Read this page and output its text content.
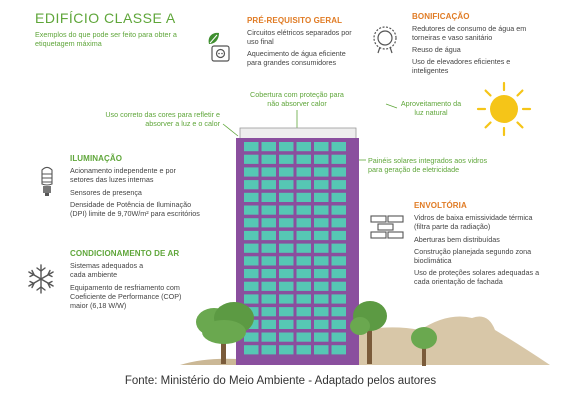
EDIFÍCIO CLASSE A

Exemplos do que pode ser feito para obter a etiquetagem máxima

PRÉ-REQUISITO GERAL

Circuitos elétricos separados por uso final

Aquecimento de água eficiente para grandes consumidores

BONIFICAÇÃO

Redutores de consumo de água em torneiras e vaso sanitário

Reuso de água

Uso de elevadores eficientes e inteligentes

Uso correto das cores para refletir e absorver a luz e o calor

Cobertura com proteção para não absorver calor	Aproveitamento da luz natural

Painéis solares integrados aos vidros para geração de eletricidade

ILUMINAÇÃO

Acionamento independente e por setores das luzes internas

Sensores de presença

Densidade de Potência de Iluminação (DPI) limite de 9,70W/m² para escritórios

CONDICIONAMENTO DE AR

Sistemas adequados a cada ambiente

Equipamento de resfriamento com Coeficiente de Performance (COP) maior (6,18 W/W)

ENVOLTÓRIA

Vidros de baixa emissividade térmica (filtra parte da radiação)

Aberturas bem distribuídas

Construção planejada segundo zona bioclimática

Uso de proteções solares adequadas a cada orientação de fachada

Fonte: Ministério do Meio Ambiente - Adaptado pelos autores
